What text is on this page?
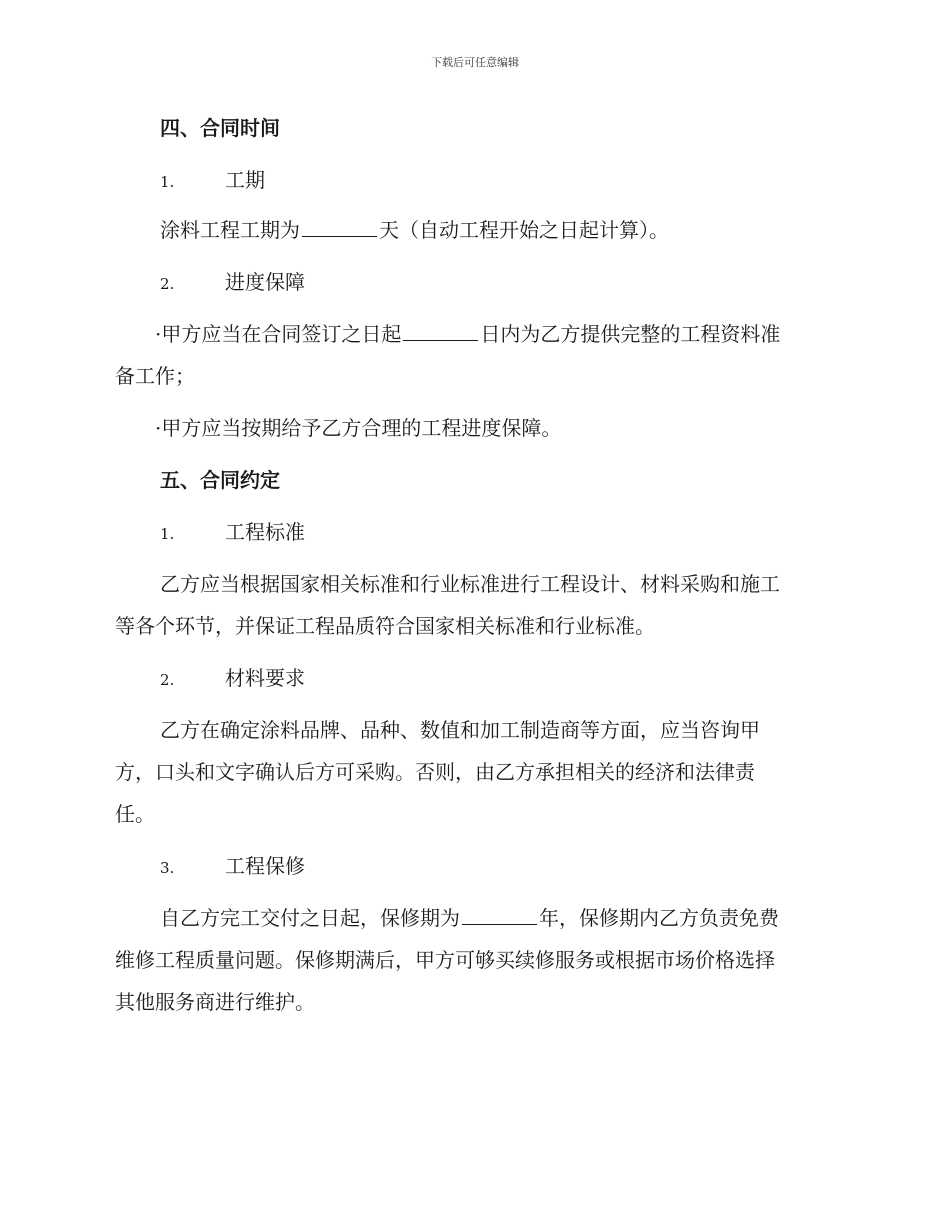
下载后可任意编辑
四、合同时间
1.	工期
涂料工程工期为	天（自动工程开始之日起计算）。
2.	进度保障
·甲方应当在合同签订之日起	日内为乙方提供完整的工程资料准
备工作；
·甲方应当按期给予乙方合理的工程进度保障。
五、合同约定
1.	工程标准
乙方应当根据国家相关标准和行业标准进行工程设计、材料采购和施工
等各个环节，并保证工程品质符合国家相关标准和行业标准。
2.	材料要求
乙方在确定涂料品牌、品种、数值和加工制造商等方面，应当咨询甲
方，口头和文字确认后方可采购。否则，由乙方承担相关的经济和法律责
任。
3.	工程保修
自乙方完工交付之日起，保修期为	年，保修期内乙方负责免费
维修工程质量问题。保修期满后，甲方可够买续修服务或根据市场价格选择
其他服务商进行维护。
